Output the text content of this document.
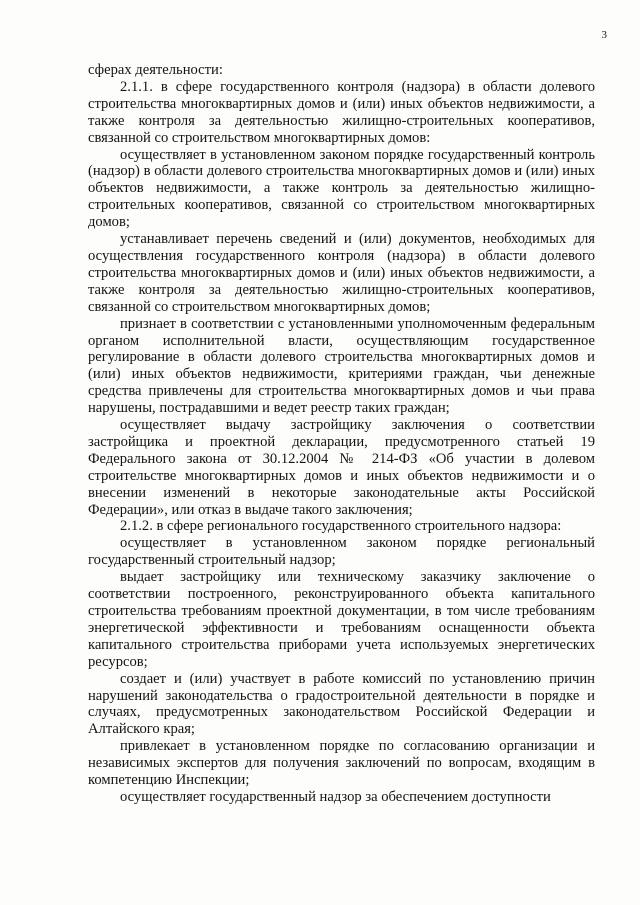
3

сферах деятельности:

2.1.1. в сфере государственного контроля (надзора) в области долевого строительства многоквартирных домов и (или) иных объектов недвижимости, а также контроля за деятельностью жилищно-строительных кооперативов, связанной со строительством многоквартирных домов:

осуществляет в установленном законом порядке государственный контроль (надзор) в области долевого строительства многоквартирных домов и (или) иных объектов недвижимости, а также контроль за деятельностью жилищно-строительных кооперативов, связанной со строительством многоквартирных домов;

устанавливает перечень сведений и (или) документов, необходимых для осуществления государственного контроля (надзора) в области долевого строительства многоквартирных домов и (или) иных объектов недвижимости, а также контроля за деятельностью жилищно-строительных кооперативов, связанной со строительством многоквартирных домов;

признает в соответствии с установленными уполномоченным федеральным органом исполнительной власти, осуществляющим государственное регулирование в области долевого строительства многоквартирных домов и (или) иных объектов недвижимости, критериями граждан, чьи денежные средства привлечены для строительства многоквартирных домов и чьи права нарушены, пострадавшими и ведет реестр таких граждан;

осуществляет выдачу застройщику заключения о соответствии застройщика и проектной декларации, предусмотренного статьей 19 Федерального закона от 30.12.2004 № 214-ФЗ «Об участии в долевом строительстве многоквартирных домов и иных объектов недвижимости и о внесении изменений в некоторые законодательные акты Российской Федерации», или отказ в выдаче такого заключения;

2.1.2. в сфере регионального государственного строительного надзора:

осуществляет в установленном законом порядке региональный государственный строительный надзор;

выдает застройщику или техническому заказчику заключение о соответствии построенного, реконструированного объекта капитального строительства требованиям проектной документации, в том числе требованиям энергетической эффективности и требованиям оснащенности объекта капитального строительства приборами учета используемых энергетических ресурсов;

создает и (или) участвует в работе комиссий по установлению причин нарушений законодательства о градостроительной деятельности в порядке и случаях, предусмотренных законодательством Российской Федерации и Алтайского края;

привлекает в установленном порядке по согласованию организации и независимых экспертов для получения заключений по вопросам, входящим в компетенцию Инспекции;

осуществляет государственный надзор за обеспечением доступности
